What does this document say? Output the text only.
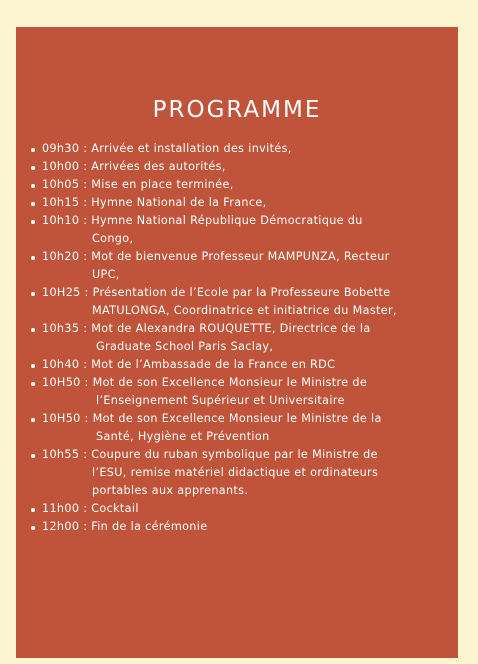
PROGRAMME
09h30 : Arrivée et installation des invités,
10h00 : Arrivées des autorités,
10h05 : Mise en place terminée,
10h15 : Hymne National de la France,
10h10 : Hymne National République Démocratique du
Congo,
10h20 : Mot de bienvenue Professeur MAMPUNZA, Recteur
UPC,
10H25 : Présentation de l’Ecole par la Professeure Bobette
MATULONGA, Coordinatrice et initiatrice du Master,
10h35 : Mot de Alexandra ROUQUETTE, Directrice de la
Graduate School Paris Saclay,
10h40 : Mot de l’Ambassade de la France en RDC
10H50 : Mot de son Excellence Monsieur le Ministre de
l’Enseignement Supérieur et Universitaire
10H50 : Mot de son Excellence Monsieur le Ministre de la
Santé, Hygiène et Prévention
10h55 : Coupure du ruban symbolique par le Ministre de
l’ESU, remise matériel didactique et ordinateurs
portables aux apprenants.
11h00 : Cocktail
12h00 : Fin de la cérémonie
